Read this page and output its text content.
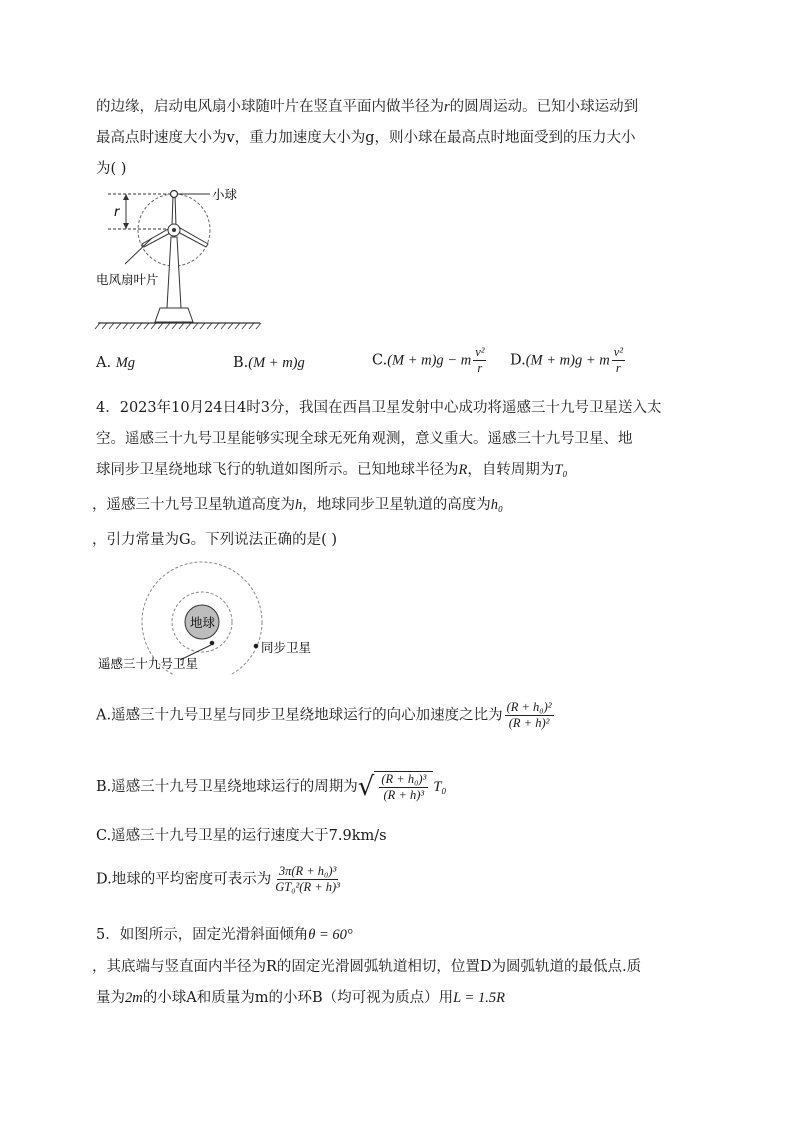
的边缘，启动电风扇小球随叶片在竖直平面内做半径为r的圆周运动。已知小球运动到
最高点时速度大小为v，重力加速度大小为g，则小球在最高点时地面受到的压力大小
为( )
r
小球
电风扇叶片
A. Mg	B.(M + m)g	C.(M + m)g − m $\frac{\text{v²}}{r} D.(M + m)g + m \frac{\text{v²}}{r}$
4．2023年10月24日4时3分，我国在西昌卫星发射中心成功将遥感三十九号卫星送入太
空。遥感三十九号卫星能够实现全球无死角观测，意义重大。遥感三十九号卫星、地
球同步卫星绕地球飞行的轨道如图所示。已知地球半径为R，自转周期为T₀
，遥感三十九号卫星轨道高度为h，地球同步卫星轨道的高度为h₀
，引力常量为G。下列说法正确的是( )
地球
遥感三十九号卫星
同步卫星
A.遥感三十九号卫星与同步卫星绕地球运行的向心加速度之比为 $\frac{\text{(R + h₀)²}}{\text{(R + h)²}}$
B.遥感三十九号卫星绕地球运行的周期为 √ $\frac{\text{(R + h₀)³}}{\text{(R + h)³}} T_0$
C.遥感三十九号卫星的运行速度大于7.9km/s
D.地球的平均密度可表示为 $\frac{\text{3π(R + h₀)³}}{\text{GT₀²(R + h)³}}$
5．如图所示，固定光滑斜面倾角θ = 60°
，其底端与竖直面内半径为R的固定光滑圆弧轨道相切，位置D为圆弧轨道的最低点.质
量为2m的小球A和质量为m的小环B（均可视为质点）用L = 1.5R
